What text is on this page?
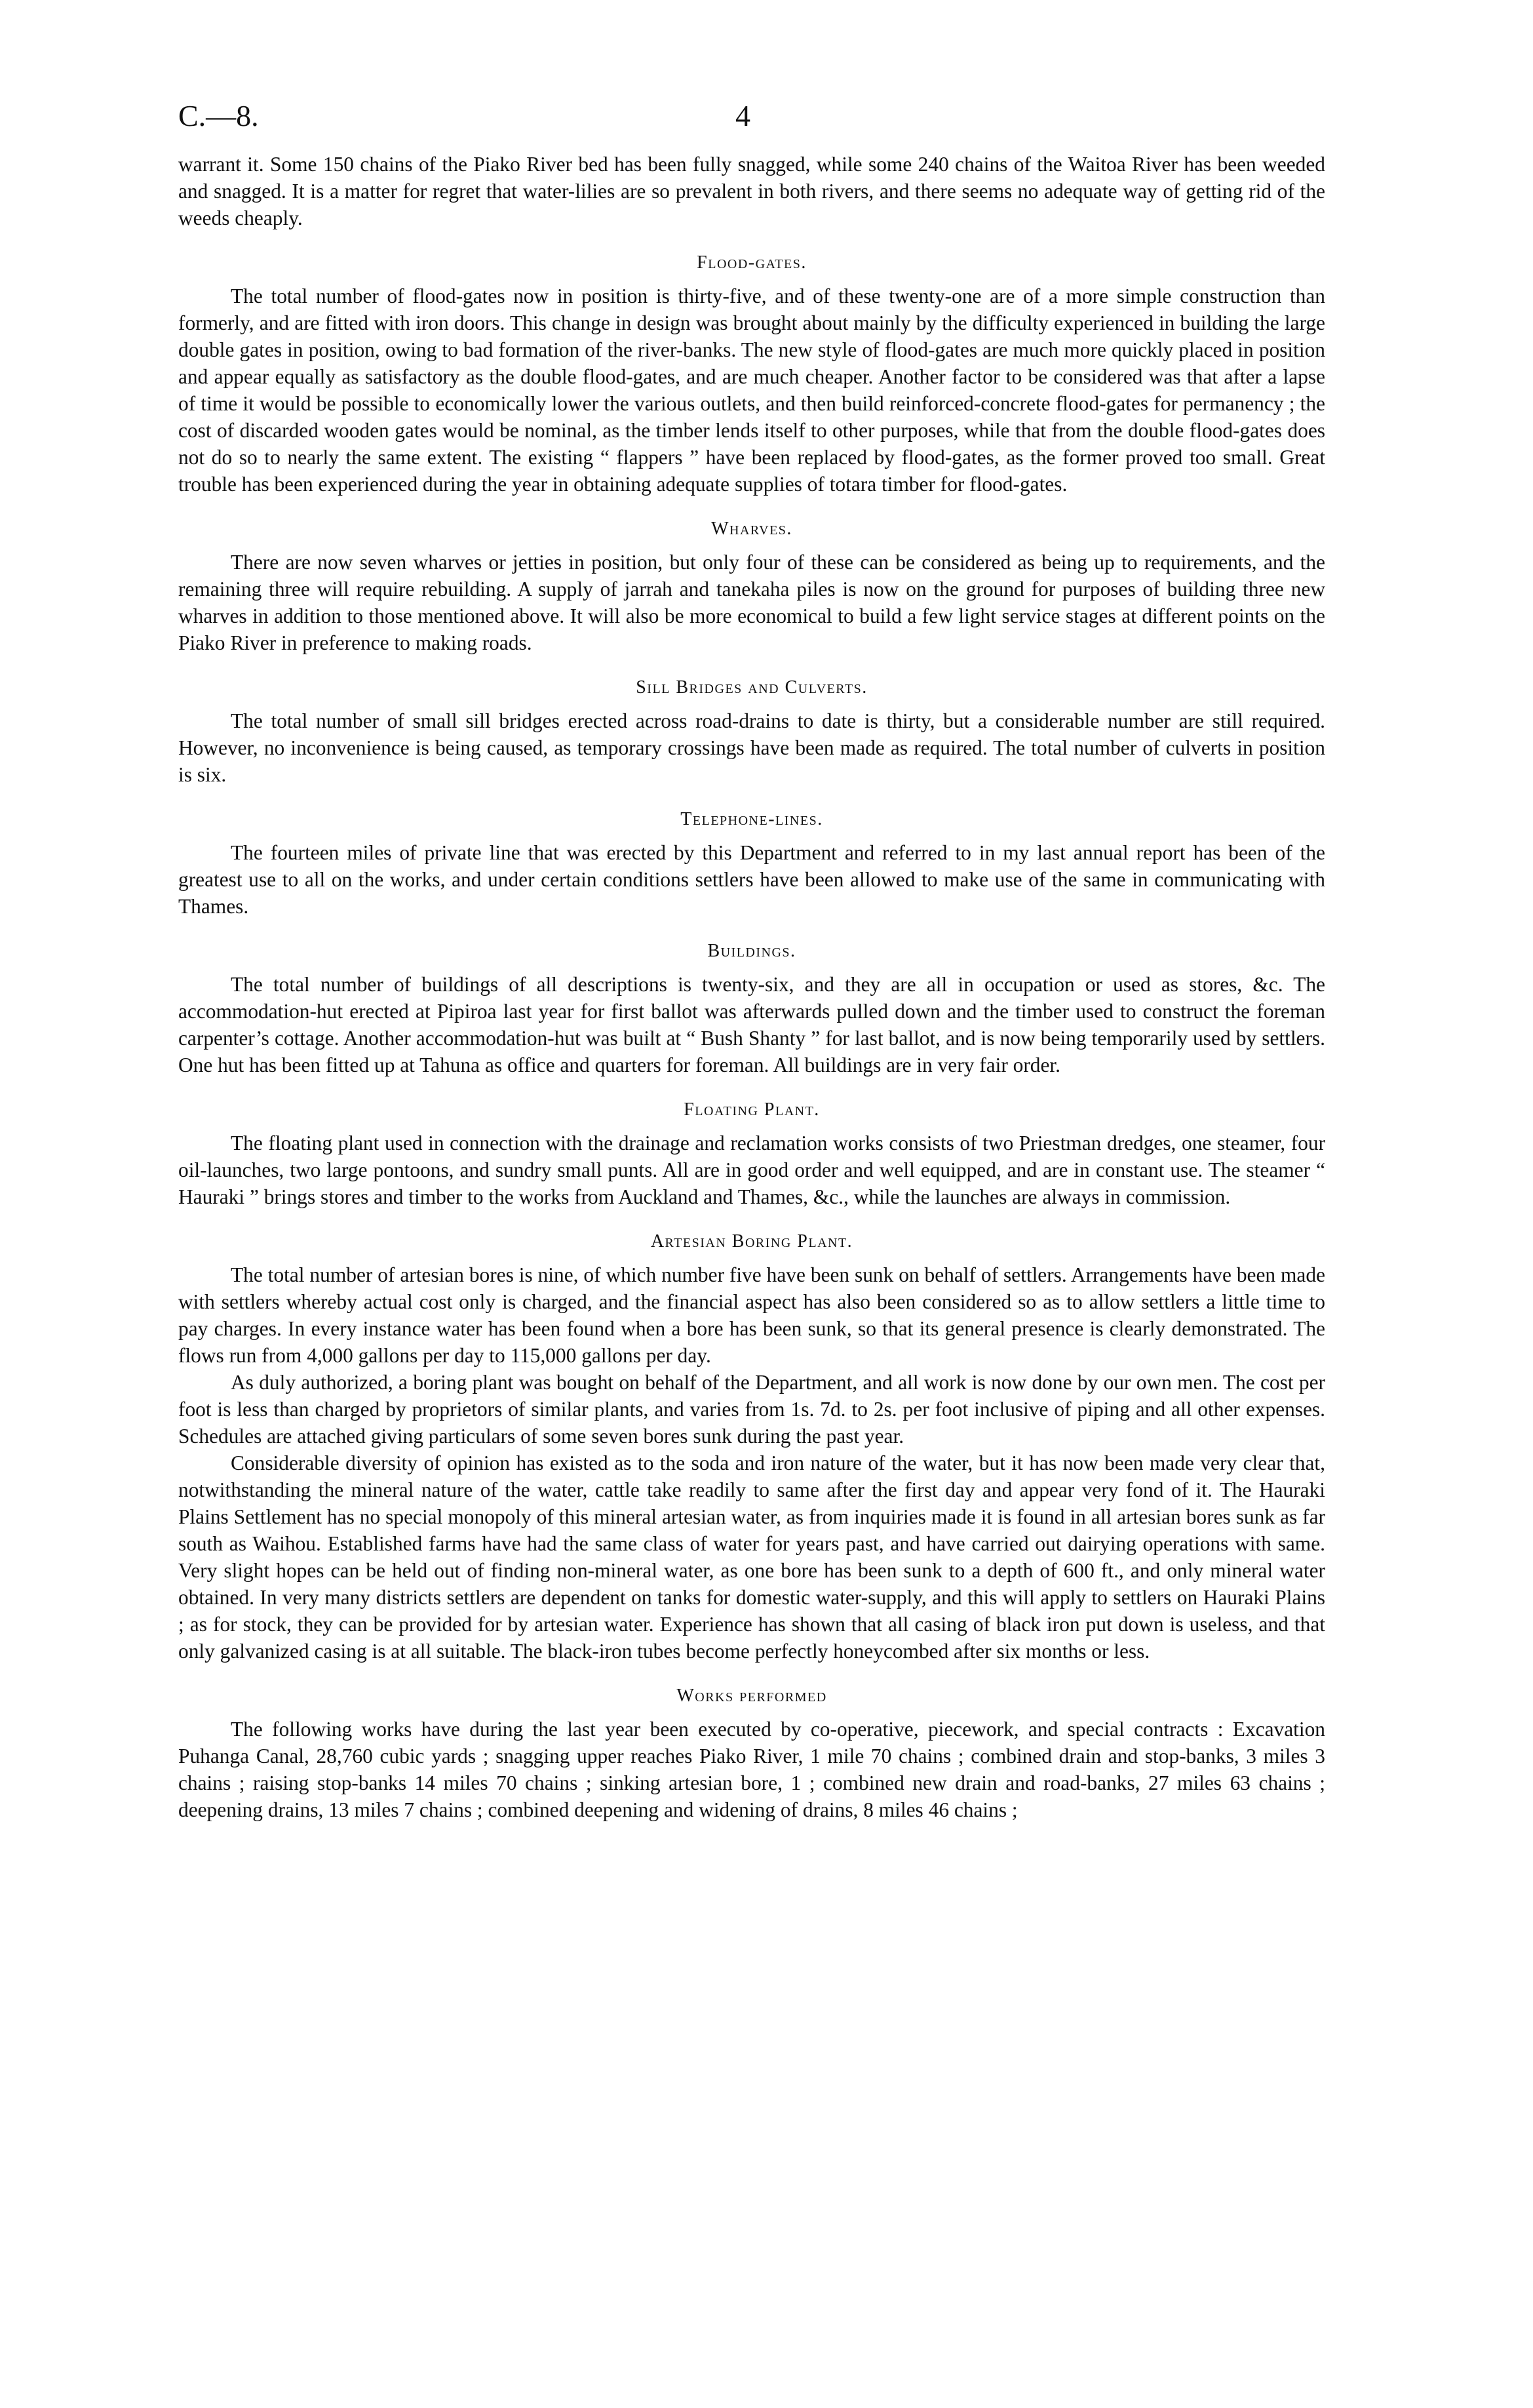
C.—8.	4

warrant it. Some 150 chains of the Piako River bed has been fully snagged, while some 240 chains of the Waitoa River has been weeded and snagged. It is a matter for regret that water-lilies are so prevalent in both rivers, and there seems no adequate way of getting rid of the weeds cheaply.

Flood-gates.

The total number of flood-gates now in position is thirty-five, and of these twenty-one are of a more simple construction than formerly, and are fitted with iron doors. This change in design was brought about mainly by the difficulty experienced in building the large double gates in position, owing to bad formation of the river-banks. The new style of flood-gates are much more quickly placed in position and appear equally as satisfactory as the double flood-gates, and are much cheaper. Another factor to be considered was that after a lapse of time it would be possible to economically lower the various outlets, and then build reinforced-concrete flood-gates for permanency ; the cost of discarded wooden gates would be nominal, as the timber lends itself to other purposes, while that from the double flood-gates does not do so to nearly the same extent. The existing “ flappers ” have been replaced by flood-gates, as the former proved too small. Great trouble has been experienced during the year in obtaining adequate supplies of totara timber for flood-gates.

Wharves.

There are now seven wharves or jetties in position, but only four of these can be considered as being up to requirements, and the remaining three will require rebuilding. A supply of jarrah and tanekaha piles is now on the ground for purposes of building three new wharves in addition to those mentioned above. It will also be more economical to build a few light service stages at different points on the Piako River in preference to making roads.

Sill Bridges and Culverts.

The total number of small sill bridges erected across road-drains to date is thirty, but a considerable number are still required. However, no inconvenience is being caused, as temporary crossings have been made as required. The total number of culverts in position is six.

Telephone-lines.

The fourteen miles of private line that was erected by this Department and referred to in my last annual report has been of the greatest use to all on the works, and under certain conditions settlers have been allowed to make use of the same in communicating with Thames.

Buildings.

The total number of buildings of all descriptions is twenty-six, and they are all in occupation or used as stores, &c. The accommodation-hut erected at Pipiroa last year for first ballot was afterwards pulled down and the timber used to construct the foreman carpenter’s cottage. Another accommodation-hut was built at “ Bush Shanty ” for last ballot, and is now being temporarily used by settlers. One hut has been fitted up at Tahuna as office and quarters for foreman. All buildings are in very fair order.

Floating Plant.

The floating plant used in connection with the drainage and reclamation works consists of two Priestman dredges, one steamer, four oil-launches, two large pontoons, and sundry small punts. All are in good order and well equipped, and are in constant use. The steamer “ Hauraki ” brings stores and timber to the works from Auckland and Thames, &c., while the launches are always in commission.

Artesian Boring Plant.

The total number of artesian bores is nine, of which number five have been sunk on behalf of settlers. Arrangements have been made with settlers whereby actual cost only is charged, and the financial aspect has also been considered so as to allow settlers a little time to pay charges. In every instance water has been found when a bore has been sunk, so that its general presence is clearly demonstrated. The flows run from 4,000 gallons per day to 115,000 gallons per day.

As duly authorized, a boring plant was bought on behalf of the Department, and all work is now done by our own men. The cost per foot is less than charged by proprietors of similar plants, and varies from 1s. 7d. to 2s. per foot inclusive of piping and all other expenses. Schedules are attached giving particulars of some seven bores sunk during the past year.

Considerable diversity of opinion has existed as to the soda and iron nature of the water, but it has now been made very clear that, notwithstanding the mineral nature of the water, cattle take readily to same after the first day and appear very fond of it. The Hauraki Plains Settlement has no special monopoly of this mineral artesian water, as from inquiries made it is found in all artesian bores sunk as far south as Waihou. Established farms have had the same class of water for years past, and have carried out dairying operations with same. Very slight hopes can be held out of finding non-mineral water, as one bore has been sunk to a depth of 600 ft., and only mineral water obtained. In very many districts settlers are dependent on tanks for domestic water-supply, and this will apply to settlers on Hauraki Plains ; as for stock, they can be provided for by artesian water. Experience has shown that all casing of black iron put down is useless, and that only galvanized casing is at all suitable. The black-iron tubes become perfectly honeycombed after six months or less.

Works performed

The following works have during the last year been executed by co-operative, piecework, and special contracts : Excavation Puhanga Canal, 28,760 cubic yards ; snagging upper reaches Piako River, 1 mile 70 chains ; combined drain and stop-banks, 3 miles 3 chains ; raising stop-banks 14 miles 70 chains ; sinking artesian bore, 1 ; combined new drain and road-banks, 27 miles 63 chains ; deepening drains, 13 miles 7 chains ; combined deepening and widening of drains, 8 miles 46 chains ;
